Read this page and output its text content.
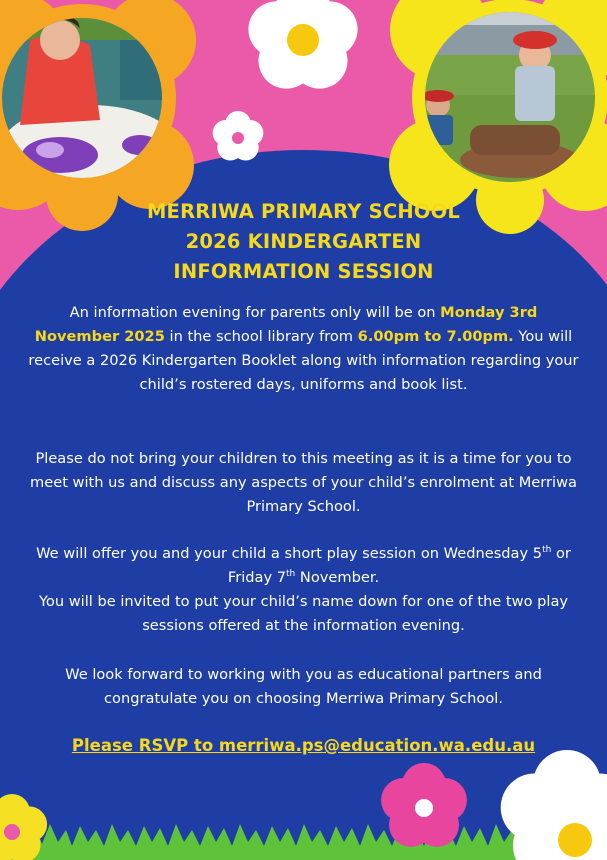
MERRIWA PRIMARY SCHOOL
2026 KINDERGARTEN
INFORMATION SESSION
An information evening for parents only will be on Monday 3rd November 2025 in the school library from 6.00pm to 7.00pm. You will receive a 2026 Kindergarten Booklet along with information regarding your child’s rostered days, uniforms and book list.
Please do not bring your children to this meeting as it is a time for you to meet with us and discuss any aspects of your child’s enrolment at Merriwa Primary School.
We will offer you and your child a short play session on Wednesday 5th or Friday 7th November.
You will be invited to put your child’s name down for one of the two play sessions offered at the information evening.
We look forward to working with you as educational partners and congratulate you on choosing Merriwa Primary School.
Please RSVP to merriwa.ps@education.wa.edu.au
